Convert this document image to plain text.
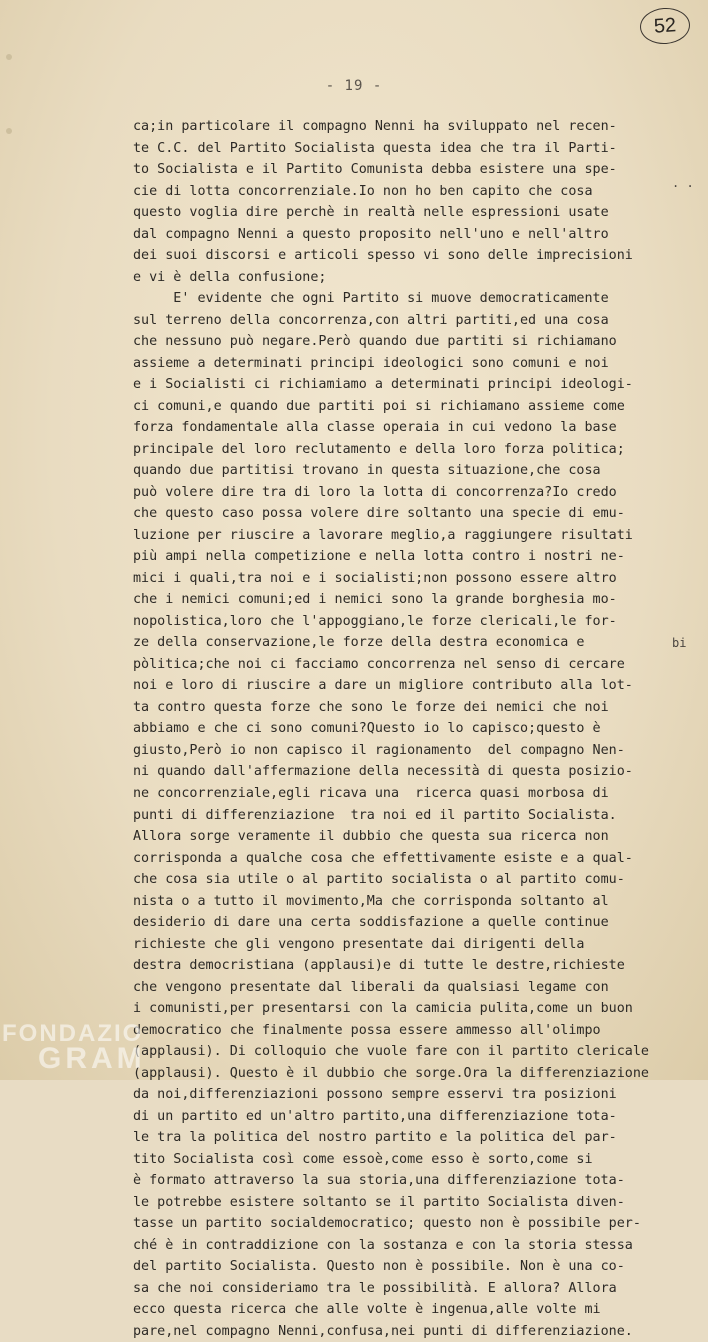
52
- 19 -
. .
bi
ca;in particolare il compagno Nenni ha sviluppato nel recen-
te C.C. del Partito Socialista questa idea che tra il Parti-
to Socialista e il Partito Comunista debba esistere una spe-
cie di lotta concorrenziale.Io non ho ben capito che cosa
questo voglia dire perchè in realtà nelle espressioni usate
dal compagno Nenni a questo proposito nell'uno e nell'altro
dei suoi discorsi e articoli spesso vi sono delle imprecisioni
e vi è della confusione;
E' evidente che ogni Partito si muove democraticamente
sul terreno della concorrenza,con altri partiti,ed una cosa
che nessuno può negare.Però quando due partiti si richiamano
assieme a determinati principi ideologici sono comuni e noi
e i Socialisti ci richiamiamo a determinati principi ideologi-
ci comuni,e quando due partiti poi si richiamano assieme come
forza fondamentale alla classe operaia in cui vedono la base
principale del loro reclutamento e della loro forza politica;
quando due partitisi trovano in questa situazione,che cosa
può volere dire tra di loro la lotta di concorrenza?Io credo
che questo caso possa volere dire soltanto una specie di emu-
luzione per riuscire a lavorare meglio,a raggiungere risultati
più ampi nella competizione e nella lotta contro i nostri ne-
mici i quali,tra noi e i socialisti;non possono essere altro
che i nemici comuni;ed i nemici sono la grande borghesia mo-
nopolistica,loro che l'appoggiano,le forze clericali,le for-
ze della conservazione,le forze della destra economica e
pòlitica;che noi ci facciamo concorrenza nel senso di cercare
noi e loro di riuscire a dare un migliore contributo alla lot-
ta contro questa forze che sono le forze dei nemici che noi
abbiamo e che ci sono comuni?Questo io lo capisco;questo è
giusto,Però io non capisco il ragionamento  del compagno Nen-
ni quando dall'affermazione della necessità di questa posizio-
ne concorrenziale,egli ricava una  ricerca quasi morbosa di
punti di differenziazione  tra noi ed il partito Socialista.
Allora sorge veramente il dubbio che questa sua ricerca non
corrisponda a qualche cosa che effettivamente esiste e a qual-
che cosa sia utile o al partito socialista o al partito comu-
nista o a tutto il movimento,Ma che corrisponda soltanto al
desiderio di dare una certa soddisfazione a quelle continue
richieste che gli vengono presentate dai dirigenti della
destra democristiana (applausi)e di tutte le destre,richieste
che vengono presentate dal liberali da qualsiasi legame con
i comunisti,per presentarsi con la camicia pulita,come un buon
democratico che finalmente possa essere ammesso all'olimpo
(applausi). Di colloquio che vuole fare con il partito clericale
(applausi). Questo è il dubbio che sorge.Ora la differenziazione
da noi,differenziazioni possono sempre esservi tra posizioni
di un partito ed un'altro partito,una differenziazione tota-
le tra la politica del nostro partito e la politica del par-
tito Socialista così come essoè,come esso è sorto,come si
è formato attraverso la sua storia,una differenziazione tota-
le potrebbe esistere soltanto se il partito Socialista diven-
tasse un partito socialdemocratico; questo non è possibile per-
ché è in contraddizione con la sostanza e con la storia stessa
del partito Socialista. Questo non è possibile. Non è una co-
sa che noi consideriamo tra le possibilità. E allora? Allora
ecco questa ricerca che alle volte è ingenua,alle volte mi
pare,nel compagno Nenni,confusa,nei punti di differenziazione.
FONDAZIO
GRAM
